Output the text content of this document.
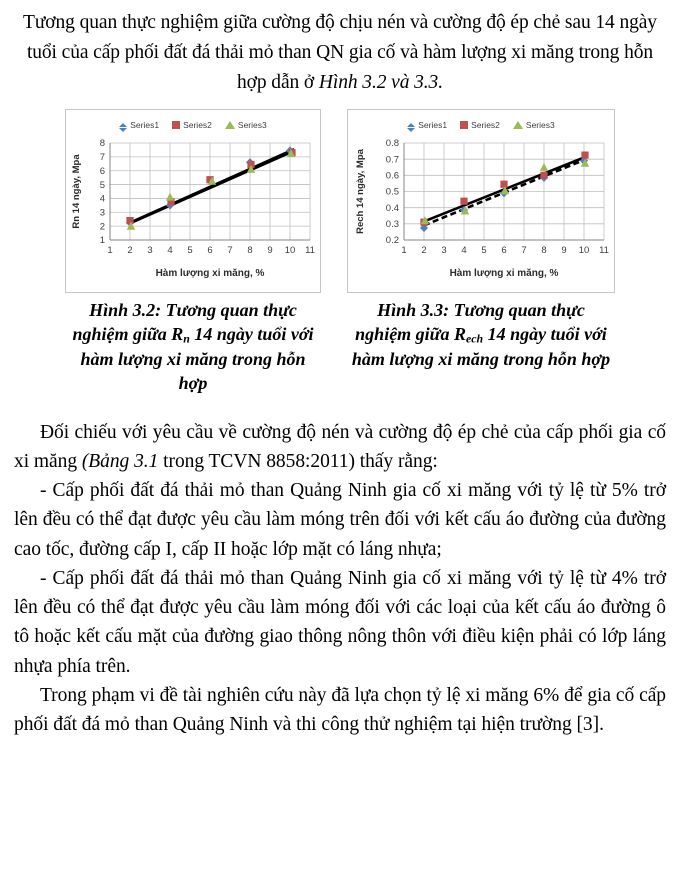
Tương quan thực nghiệm giữa cường độ chịu nén và cường độ ép chẻ sau 14 ngày tuổi của cấp phối đất đá thải mỏ than QN gia cố và hàm lượng xi măng trong hỗn hợp dẫn ở Hình 3.2 và 3.3.
Series1	Series2	Series3
1
2
3
4
5
6
7
8
1 2 3 4 5 6 7 8 9 10 11
Hàm lượng xi măng, %
Rn 14 ngày, Mpa
Hình 3.2: Tương quan thực nghiệm giữa $R_n$ 14 ngày tuổi với hàm lượng xi măng trong hỗn hợp
Series1	Series2	Series3
0.2
0.3
0.4
0.5
0.6
0.7
0.8
1 2 3 4 5 6 7 8 9 10 11
Hàm lượng xi măng, %
Rech 14 ngày, Mpa
Hình 3.3: Tương quan thực nghiệm giữa $R_{ech}$ 14 ngày tuổi với hàm lượng xi măng trong hỗn hợp

Đối chiếu với yêu cầu về cường độ nén và cường độ ép chẻ của cấp phối gia cố xi măng (Bảng 3.1 trong TCVN 8858:2011) thấy rằng:

- Cấp phối đất đá thải mỏ than Quảng Ninh gia cố xi măng với tỷ lệ từ 5% trở lên đều có thể đạt được yêu cầu làm móng trên đối với kết cấu áo đường của đường cao tốc, đường cấp I, cấp II hoặc lớp mặt có láng nhựa;

- Cấp phối đất đá thải mỏ than Quảng Ninh gia cố xi măng với tỷ lệ từ 4% trở lên đều có thể đạt được yêu cầu làm móng đối với các loại của kết cấu áo đường ô tô hoặc kết cấu mặt của đường giao thông nông thôn với điều kiện phải có lớp láng nhựa phía trên.

Trong phạm vi đề tài nghiên cứu này đã lựa chọn tỷ lệ xi măng 6% để gia cố cấp phối đất đá mỏ than Quảng Ninh và thi công thử nghiệm tại hiện trường [3].
